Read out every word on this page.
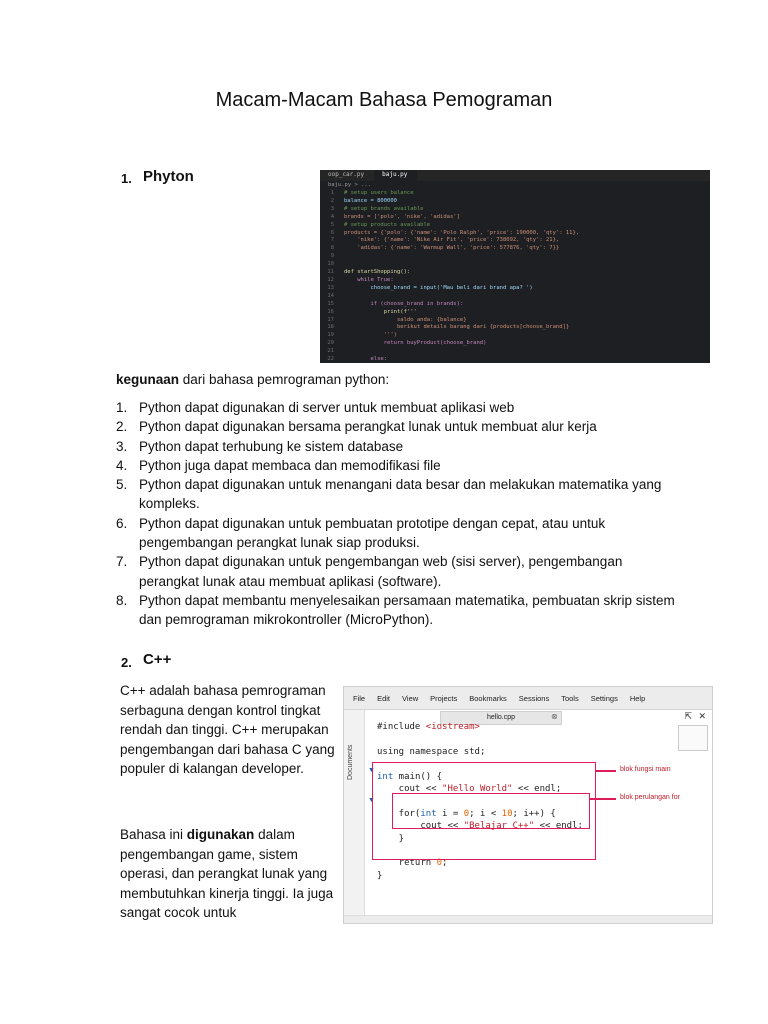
Macam-Macam Bahasa Pemograman
1. Phyton	oop_car.py	baju.py
baju.py > ...
1	# setup users balance
2	balance = 800000
3	# setup brands available
4	brands = ['polo', 'nike', 'adidas']
5	# setup products available
6	products = {'polo': {'name': 'Polo Ralph', 'price': 190000, 'qty': 11},
7	'nike': {'name': 'Nike Air Fit', 'price': 738092, 'qty': 21},
8	'adidas': {'name': 'Warmup Wall', 'price': 577876, 'qty': 7}}
9
10
11	def startShopping():
12	while True:
13	choose_brand = input('Mau beli dari brand apa? ')
14
15	if (choose_brand in brands):
16	print(f'''
17	saldo anda: {balance}
18	berikut details barang dari {products[choose_brand]}
19	''')
20	return buyProduct(choose_brand)
21
22	else:
kegunaan dari bahasa pemrograman python:
1. Python dapat digunakan di server untuk membuat aplikasi web
2. Python dapat digunakan bersama perangkat lunak untuk membuat alur kerja
3. Python dapat terhubung ke sistem database
4. Python juga dapat membaca dan memodifikasi file
5. Python dapat digunakan untuk menangani data besar dan melakukan matematika yang kompleks.
6. Python dapat digunakan untuk pembuatan prototipe dengan cepat, atau untuk pengembangan perangkat lunak siap produksi.
7. Python dapat digunakan untuk pengembangan web (sisi server), pengembangan perangkat lunak atau membuat aplikasi (software).
8. Python dapat membantu menyelesaikan persamaan matematika, pembuatan skrip sistem dan pemrograman mikrokontroller (MicroPython).
2. C++
C++ adalah bahasa pemrograman serbaguna dengan kontrol tingkat rendah dan tinggi. C++ merupakan pengembangan dari bahasa C yang populer di kalangan developer.
Bahasa ini digunakan dalam pengembangan game, sistem operasi, dan perangkat lunak yang membutuhkan kinerja tinggi. Ia juga sangat cocok untuk
File Edit View Projects Bookmarks Sessions Tools Settings Help
Documents
hello.cpp	⊗	⇱ ✕
▼
▼
#include <iostream>

using namespace std;

int main() {
cout << "Hello World" << endl;

for(int i = 0; i < 10; i++) {
cout << "Belajar C++" << endl;
}

return 0;
}
blok fungsi main
blok perulangan for
